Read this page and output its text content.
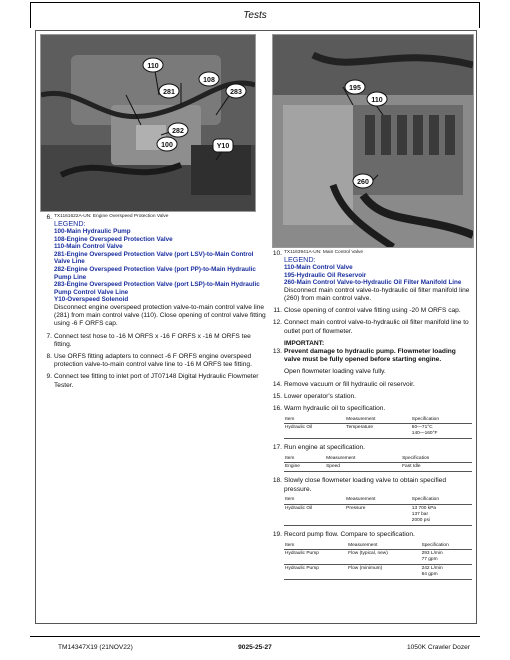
Tests
110
108
281	283
282
100	Y10
195
110
260
6. TX1161622A-UN: Engine Overspeed Protection Valve
LEGEND:
100-Main Hydraulic Pump
108-Engine Overspeed Protection Valve
110-Main Control Valve
281-Engine Overspeed Protection Valve (port LSV)-to-Main Control Valve Line
282-Engine Overspeed Protection Valve (port PP)-to-Main Hydraulic Pump Line
283-Engine Overspeed Protection Valve (port LSP)-to-Main Hydraulic Pump Control Valve Line
Y10-Overspeed Solenoid
Disconnect engine overspeed protection valve-to-main control valve line (281) from main control valve (110). Close opening of control valve fitting using -6 F ORFS cap.
7. Connect test hose to -16 M ORFS x -16 F ORFS x -16 M ORFS tee fitting.
8. Use ORFS fitting adapters to connect -6 F ORFS engine overspeed protection valve-to-main control valve line to -16 M ORFS tee fitting.
9. Connect tee fitting to inlet port of JT07148 Digital Hydraulic Flowmeter Tester.
10. TX1163941A-UN: Main Control Valve
LEGEND:
110-Main Control Valve
195-Hydraulic Oil Reservoir
260-Main Control Valve-to-Hydraulic Oil Filter Manifold Line
Disconnect main control valve-to-hydraulic oil filter manifold line (260) from main control valve.
11. Close opening of control valve fitting using -20 M ORFS cap.
12. Connect main control valve-to-hydraulic oil filter manifold line to outlet port of flowmeter.
IMPORTANT:
13. Prevent damage to hydraulic pump. Flowmeter loading valve must be fully opened before starting engine.
Open flowmeter loading valve fully.
14. Remove vacuum or fill hydraulic oil reservoir.
15. Lower operator's station.
16. Warm hydraulic oil to specification.
Item	Measurement	Specification
Hydraulic Oil	Temperature	60—71°C
140—160°F
17. Run engine at specification.
Item	Measurement	Specification
Engine	Speed	Fast Idle
18. Slowly close flowmeter loading valve to obtain specified pressure.
Item	Measurement	Specification
Hydraulic Oil	Pressure	13 700 kPa
137 bar
2000 psi
19. Record pump flow. Compare to specification.
Item	Measurement	Specification
Hydraulic Pump	Flow (typical, new)	293 L/min
77 gpm

Hydraulic Pump	Flow (minimum)	242 L/min
64 gpm
TM14347X19 (21NOV22)	9025-25-27	1050K Crawler Dozer
